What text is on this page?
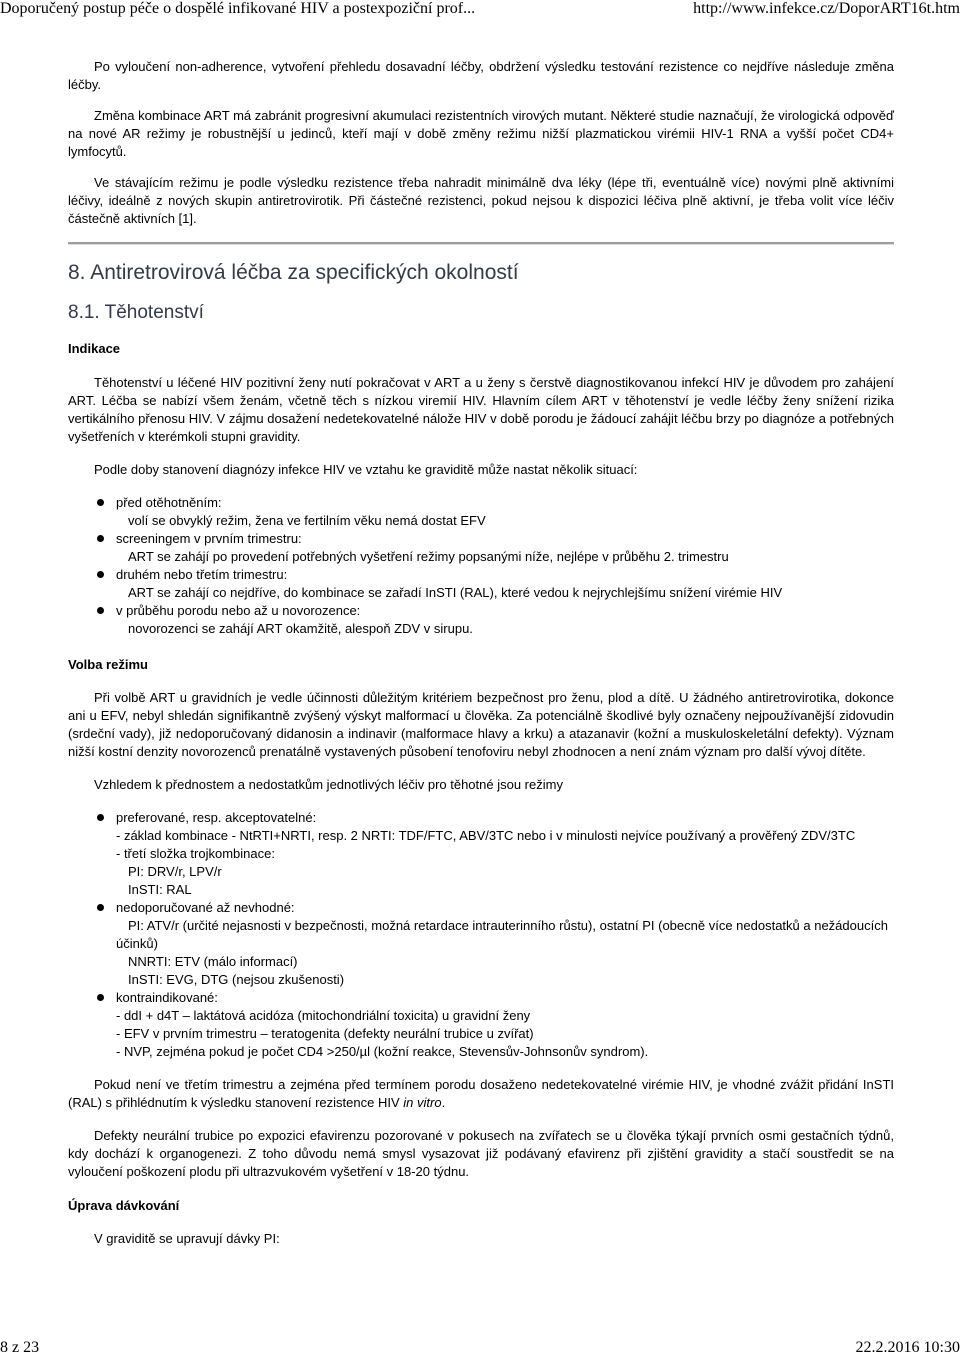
Doporučený postup péče o dospělé infikované HIV a postexpoziční prof...	http://www.infekce.cz/DoporART16t.htm

Po vyloučení non-adherence, vytvoření přehledu dosavadní léčby, obdržení výsledku testování rezistence co nejdříve následuje změna léčby.

Změna kombinace ART má zabránit progresivní akumulaci rezistentních virových mutant. Některé studie naznačují, že virologická odpověď na nové AR režimy je robustnější u jedinců, kteří mají v době změny režimu nižší plazmatickou virémii HIV-1 RNA a vyšší počet CD4+ lymfocytů.

Ve stávajícím režimu je podle výsledku rezistence třeba nahradit minimálně dva léky (lépe tři, eventuálně více) novými plně aktivními léčivy, ideálně z nových skupin antiretrovirotik. Při částečné rezistenci, pokud nejsou k dispozici léčiva plně aktivní, je třeba volit více léčiv částečně aktivních [1].

8. Antiretrovirová léčba za specifických okolností
8.1. Těhotenství
Indikace

Těhotenství u léčené HIV pozitivní ženy nutí pokračovat v ART a u ženy s čerstvě diagnostikovanou infekcí HIV je důvodem pro zahájení ART. Léčba se nabízí všem ženám, včetně těch s nízkou viremií HIV. Hlavním cílem ART v těhotenství je vedle léčby ženy snížení rizika vertikálního přenosu HIV. V zájmu dosažení nedetekovatelné nálože HIV v době porodu je žádoucí zahájit léčbu brzy po diagnóze a potřebných vyšetřeních v kterémkoli stupni gravidity.

Podle doby stanovení diagnózy infekce HIV ve vztahu ke graviditě může nastat několik situací:

před otěhotněním:
volí se obvyklý režim, žena ve fertilním věku nemá dostat EFV
screeningem v prvním trimestru:
ART se zahájí po provedení potřebných vyšetření režimy popsanými níže, nejlépe v průběhu 2. trimestru
druhém nebo třetím trimestru:
ART se zahájí co nejdříve, do kombinace se zařadí InSTI (RAL), které vedou k nejrychlejšímu snížení virémie HIV
v průběhu porodu nebo až u novorozence:
novorozenci se zahájí ART okamžitě, alespoň ZDV v sirupu.
Volba režimu

Při volbě ART u gravidních je vedle účinnosti důležitým kritériem bezpečnost pro ženu, plod a dítě. U žádného antiretrovirotika, dokonce ani u EFV, nebyl shledán signifikantně zvýšený výskyt malformací u člověka. Za potenciálně škodlivé byly označeny nejpoužívanější zidovudin (srdeční vady), již nedoporučovaný didanosin a indinavir (malformace hlavy a krku) a atazanavir (kožní a muskuloskeletální defekty). Význam nižší kostní denzity novorozenců prenatálně vystavených působení tenofoviru nebyl zhodnocen a není znám význam pro další vývoj dítěte.

Vzhledem k přednostem a nedostatkům jednotlivých léčiv pro těhotné jsou režimy

preferované, resp. akceptovatelné:
- základ kombinace - NtRTI+NRTI, resp. 2 NRTI: TDF/FTC, ABV/3TC nebo i v minulosti nejvíce používaný a prověřený ZDV/3TC
- třetí složka trojkombinace:
PI: DRV/r, LPV/r
InSTI: RAL
nedoporučované až nevhodné:
PI: ATV/r (určité nejasnosti v bezpečnosti, možná retardace intrauterinního růstu), ostatní PI (obecně více nedostatků a nežádoucích účinků)
NNRTI: ETV (málo informací)
InSTI: EVG, DTG (nejsou zkušenosti)
kontraindikované:
- ddI + d4T – laktátová acidóza (mitochondriální toxicita) u gravidní ženy
- EFV v prvním trimestru – teratogenita (defekty neurální trubice u zvířat)
- NVP, zejména pokud je počet CD4 >250/µl (kožní reakce, Stevensův-Johnsonův syndrom).

Pokud není ve třetím trimestru a zejména před termínem porodu dosaženo nedetekovatelné virémie HIV, je vhodné zvážit přidání InSTI (RAL) s přihlédnutím k výsledku stanovení rezistence HIV in vitro.

Defekty neurální trubice po expozici efavirenzu pozorované v pokusech na zvířatech se u člověka týkají prvních osmi gestačních týdnů, kdy dochází k organogenezi. Z toho důvodu nemá smysl vysazovat již podávaný efavirenz při zjištění gravidity a stačí soustředit se na vyloučení poškození plodu při ultrazvukovém vyšetření v 18-20 týdnu.

Úprava dávkování

V graviditě se upravují dávky PI:

8 z 23	22.2.2016 10:30
